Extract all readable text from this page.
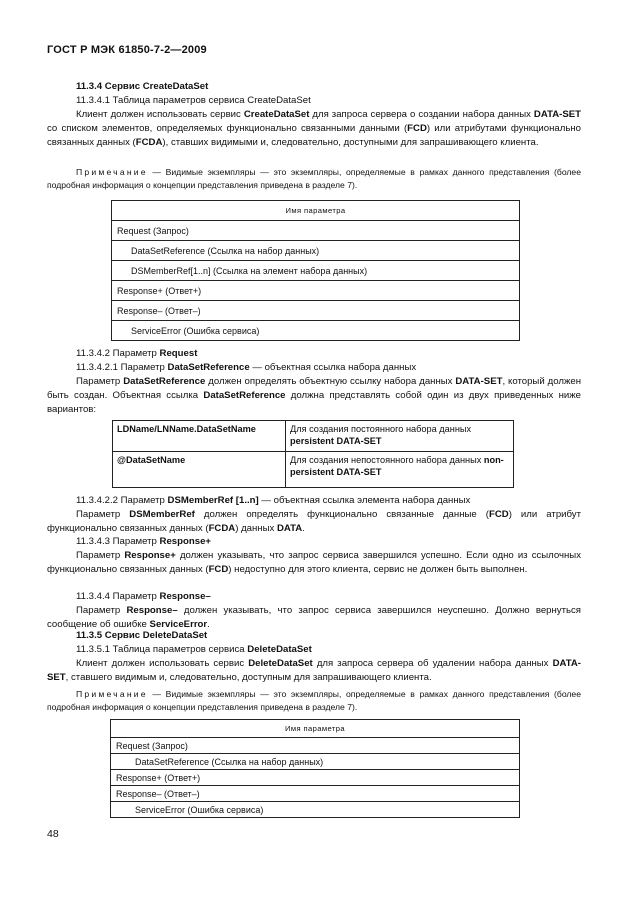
ГОСТ Р МЭК 61850-7-2—2009
11.3.4 Сервис CreateDataSet
11.3.4.1 Таблица параметров сервиса CreateDataSet
Клиент должен использовать сервис CreateDataSet для запроса сервера о создании набора данных DATA-SET со списком элементов, определяемых функционально связанными данными (FCD) или атрибутами функционально связанных данных (FCDA), ставших видимыми и, следовательно, доступными для запрашивающего клиента.
Примечание — Видимые экземпляры — это экземпляры, определяемые в рамках данного представления (более подробная информация о концепции представления приведена в разделе 7).
Имя параметра
Request (Запрос)
DataSetReference (Ссылка на набор данных)
DSMemberRef[1..n] (Ссылка на элемент набора данных)
Response+ (Ответ+)
Response– (Ответ–)
ServiceError (Ошибка сервиса)
11.3.4.2 Параметр Request
11.3.4.2.1 Параметр DataSetReference — объектная ссылка набора данных
Параметр DataSetReference должен определять объектную ссылку набора данных DATA-SET, который должен быть создан. Объектная ссылка DataSetReference должна представлять собой один из двух приведенных ниже вариантов:
LDName/LNName.DataSetName	Для создания постоянного набора данных persistent DATA-SET
@DataSetName	Для создания непостоянного набора данных non-persistent DATA-SET
11.3.4.2.2 Параметр DSMemberRef [1..n] — объектная ссылка элемента набора данных
Параметр DSMemberRef должен определять функционально связанные данные (FCD) или атрибут функционально связанных данных (FCDA) данных DATA.
11.3.4.3 Параметр Response+
Параметр Response+ должен указывать, что запрос сервиса завершился успешно. Если одно из ссылочных функционально связанных данных (FCD) недоступно для этого клиента, сервис не должен быть выполнен.
11.3.4.4 Параметр Response–
Параметр Response– должен указывать, что запрос сервиса завершился неуспешно. Должно вернуться сообщение об ошибке ServiceError.
11.3.5 Сервис DeleteDataSet
11.3.5.1 Таблица параметров сервиса DeleteDataSet
Клиент должен использовать сервис DeleteDataSet для запроса сервера об удалении набора данных DATA-SET, ставшего видимым и, следовательно, доступным для запрашивающего клиента.
Примечание — Видимые экземпляры — это экземпляры, определяемые в рамках данного представления (более подробная информация о концепции представления приведена в разделе 7).
Имя параметра
Request (Запрос)
DataSetReference (Ссылка на набор данных)
Response+ (Ответ+)
Response– (Ответ–)
ServiceError (Ошибка сервиса)
48
